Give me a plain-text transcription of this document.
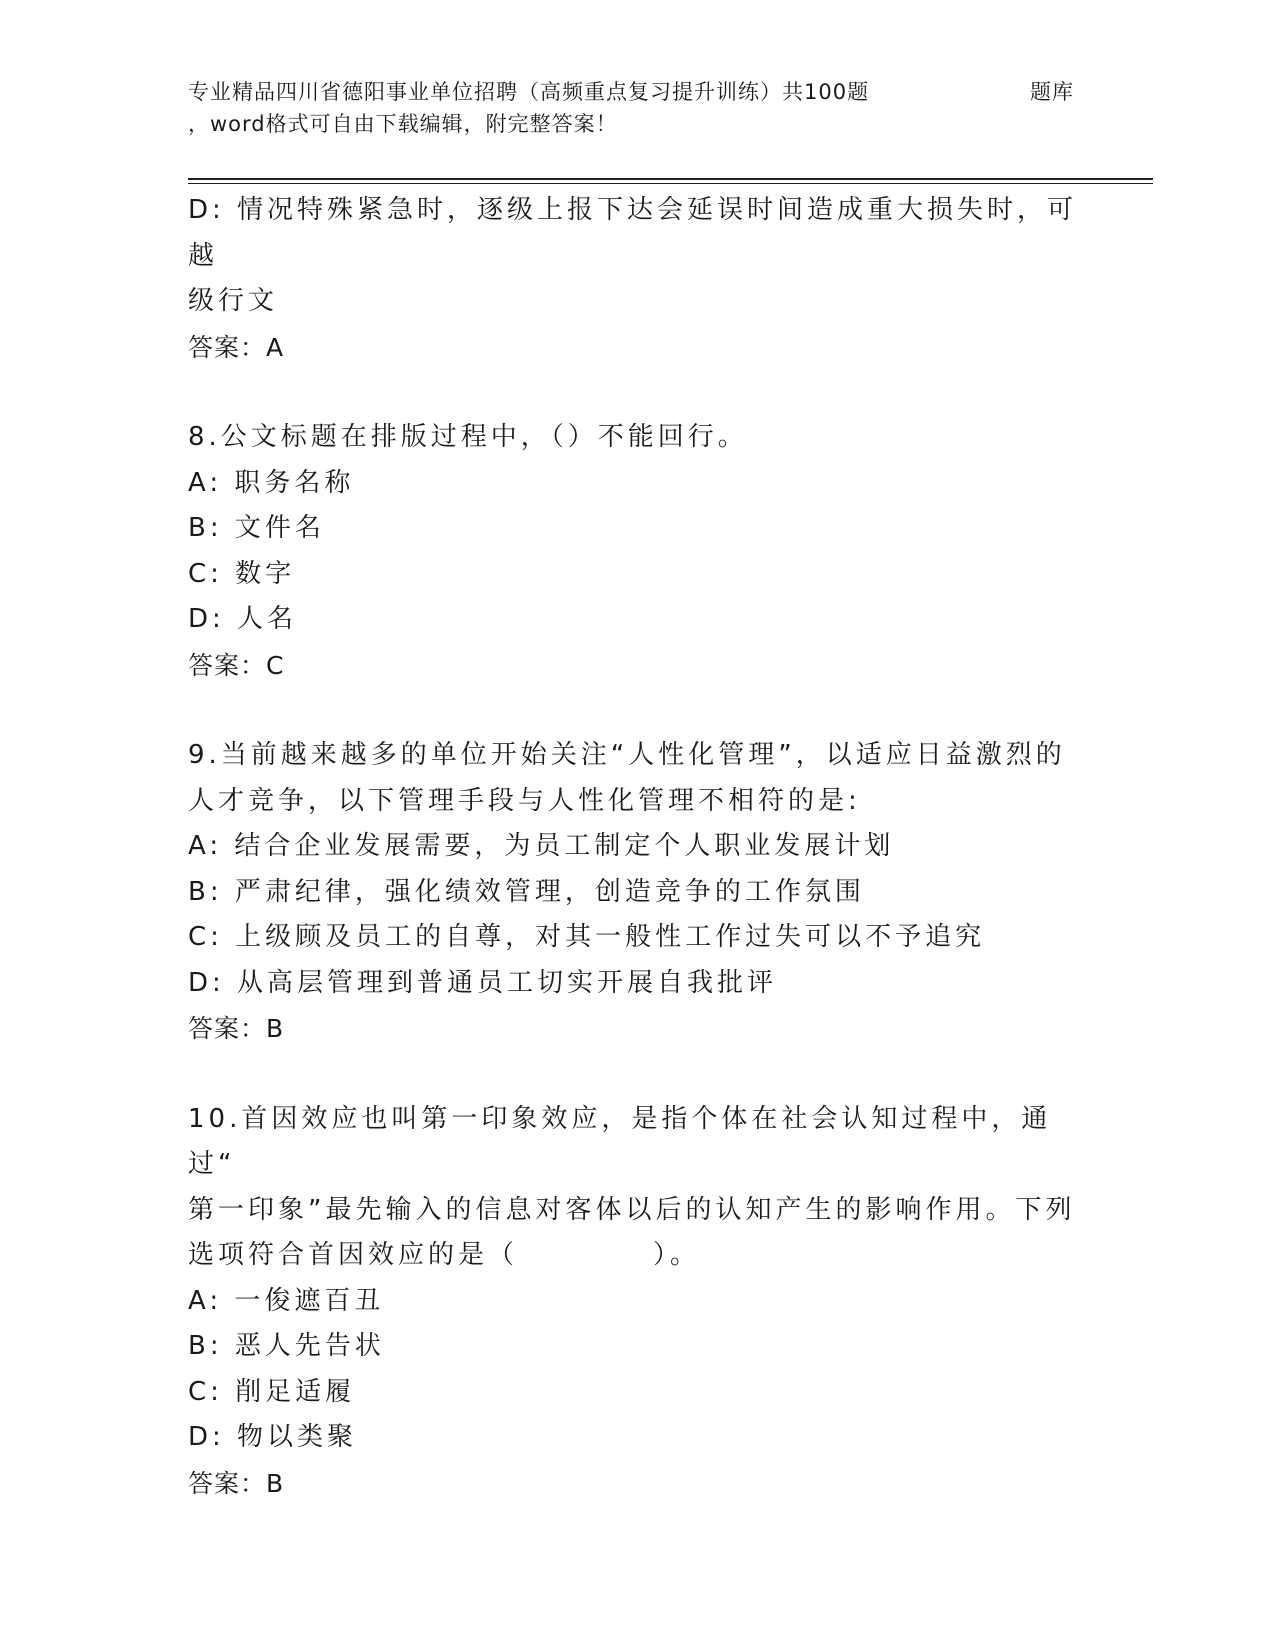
专业精品四川省德阳事业单位招聘（高频重点复习提升训练）共100题
，word格式可自由下载编辑，附完整答案！
题库

D: 情况特殊紧急时，逐级上报下达会延误时间造成重大损失时，可越

级行文

答案：A

8.公文标题在排版过程中，（）不能回行。

A: 职务名称

B: 文件名

C: 数字

D: 人名

答案：C

9.当前越来越多的单位开始关注“人性化管理”，以适应日益激烈的

人才竞争，以下管理手段与人性化管理不相符的是:

A: 结合企业发展需要，为员工制定个人职业发展计划

B: 严肃纪律，强化绩效管理，创造竞争的工作氛围

C: 上级顾及员工的自尊，对其一般性工作过失可以不予追究

D: 从高层管理到普通员工切实开展自我批评

答案：B

10.首因效应也叫第一印象效应，是指个体在社会认知过程中，通过“

第一印象”最先输入的信息对客体以后的认知产生的影响作用。下列

选项符合首因效应的是（	）。

A: 一俊遮百丑

B: 恶人先告状

C: 削足适履

D: 物以类聚

答案：B
